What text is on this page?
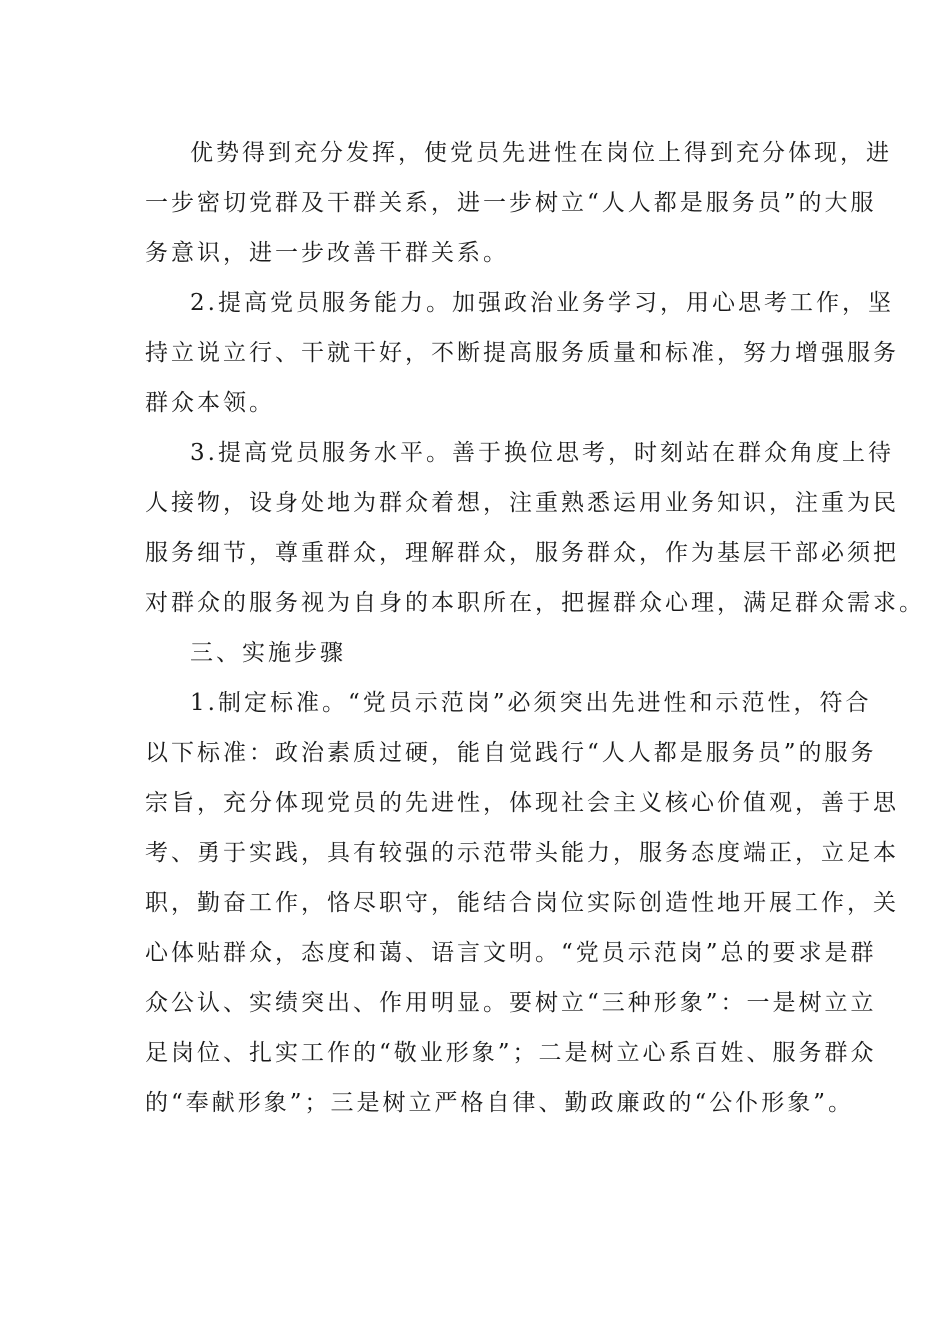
优势得到充分发挥，使党员先进性在岗位上得到充分体现，进
一步密切党群及干群关系，进一步树立“人人都是服务员”的大服
务意识，进一步改善干群关系。
2.提高党员服务能力。加强政治业务学习，用心思考工作，坚
持立说立行、干就干好，不断提高服务质量和标准，努力增强服务
群众本领。
3.提高党员服务水平。善于换位思考，时刻站在群众角度上待
人接物，设身处地为群众着想，注重熟悉运用业务知识，注重为民
服务细节，尊重群众，理解群众，服务群众，作为基层干部必须把
对群众的服务视为自身的本职所在，把握群众心理，满足群众需求。
三、实施步骤
1.制定标准。“党员示范岗”必须突出先进性和示范性，符合
以下标准：政治素质过硬，能自觉践行“人人都是服务员”的服务
宗旨，充分体现党员的先进性，体现社会主义核心价值观，善于思
考、勇于实践，具有较强的示范带头能力，服务态度端正，立足本
职，勤奋工作，恪尽职守，能结合岗位实际创造性地开展工作，关
心体贴群众，态度和蔼、语言文明。“党员示范岗”总的要求是群
众公认、实绩突出、作用明显。要树立“三种形象”：一是树立立
足岗位、扎实工作的“敬业形象”；二是树立心系百姓、服务群众
的“奉献形象”；三是树立严格自律、勤政廉政的“公仆形象”。
